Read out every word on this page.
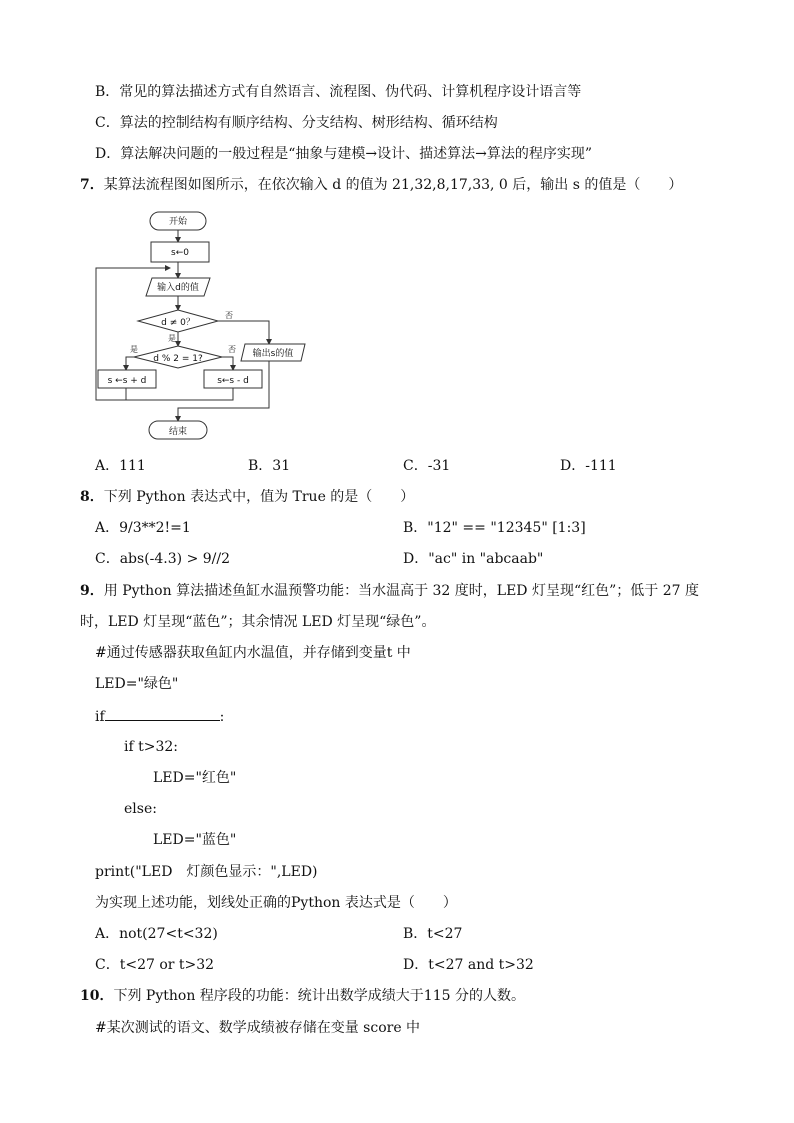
B．常见的算法描述方式有自然语言、流程图、伪代码、计算机程序设计语言等
C．算法的控制结构有顺序结构、分支结构、树形结构、循环结构
D．算法解决问题的一般过程是“抽象与建模→设计、描述算法→算法的程序实现”
7．某算法流程图如图所示，在依次输入 d 的值为 21,32,8,17,33, 0 后，输出 s 的值是（　　）
开始
s←0
输入d的值
d ≠ 0？
是
否
d % 2 = 1?
是	否 输出s的值
s ←s + d	s←s - d
结束
A．111	B．31	C．-31	D．-111
8．下列 Python 表达式中，值为 True 的是（　　）
A．9/3**2!=1	B．"12" == "12345" [1:3]
C．abs(-4.3) > 9//2	D．"ac" in "abcaab"
9．用 Python 算法描述鱼缸水温预警功能：当水温高于 32 度时，LED 灯呈现“红色”；低于 27 度
时，LED 灯呈现“蓝色”；其余情况 LED 灯呈现“绿色”。
#通过传感器获取鱼缸内水温值，并存储到变量t 中
LED="绿色"
if	:
if t>32:
LED="红色"
else:
LED="蓝色"
print("LED　灯颜色显示：",LED)
为实现上述功能，划线处正确的Python 表达式是（　　）
A．not(27<t<32)	B．t<27
C．t<27 or t>32	D．t<27 and t>32
10．下列 Python 程序段的功能：统计出数学成绩大于115 分的人数。
#某次测试的语文、数学成绩被存储在变量 score 中
